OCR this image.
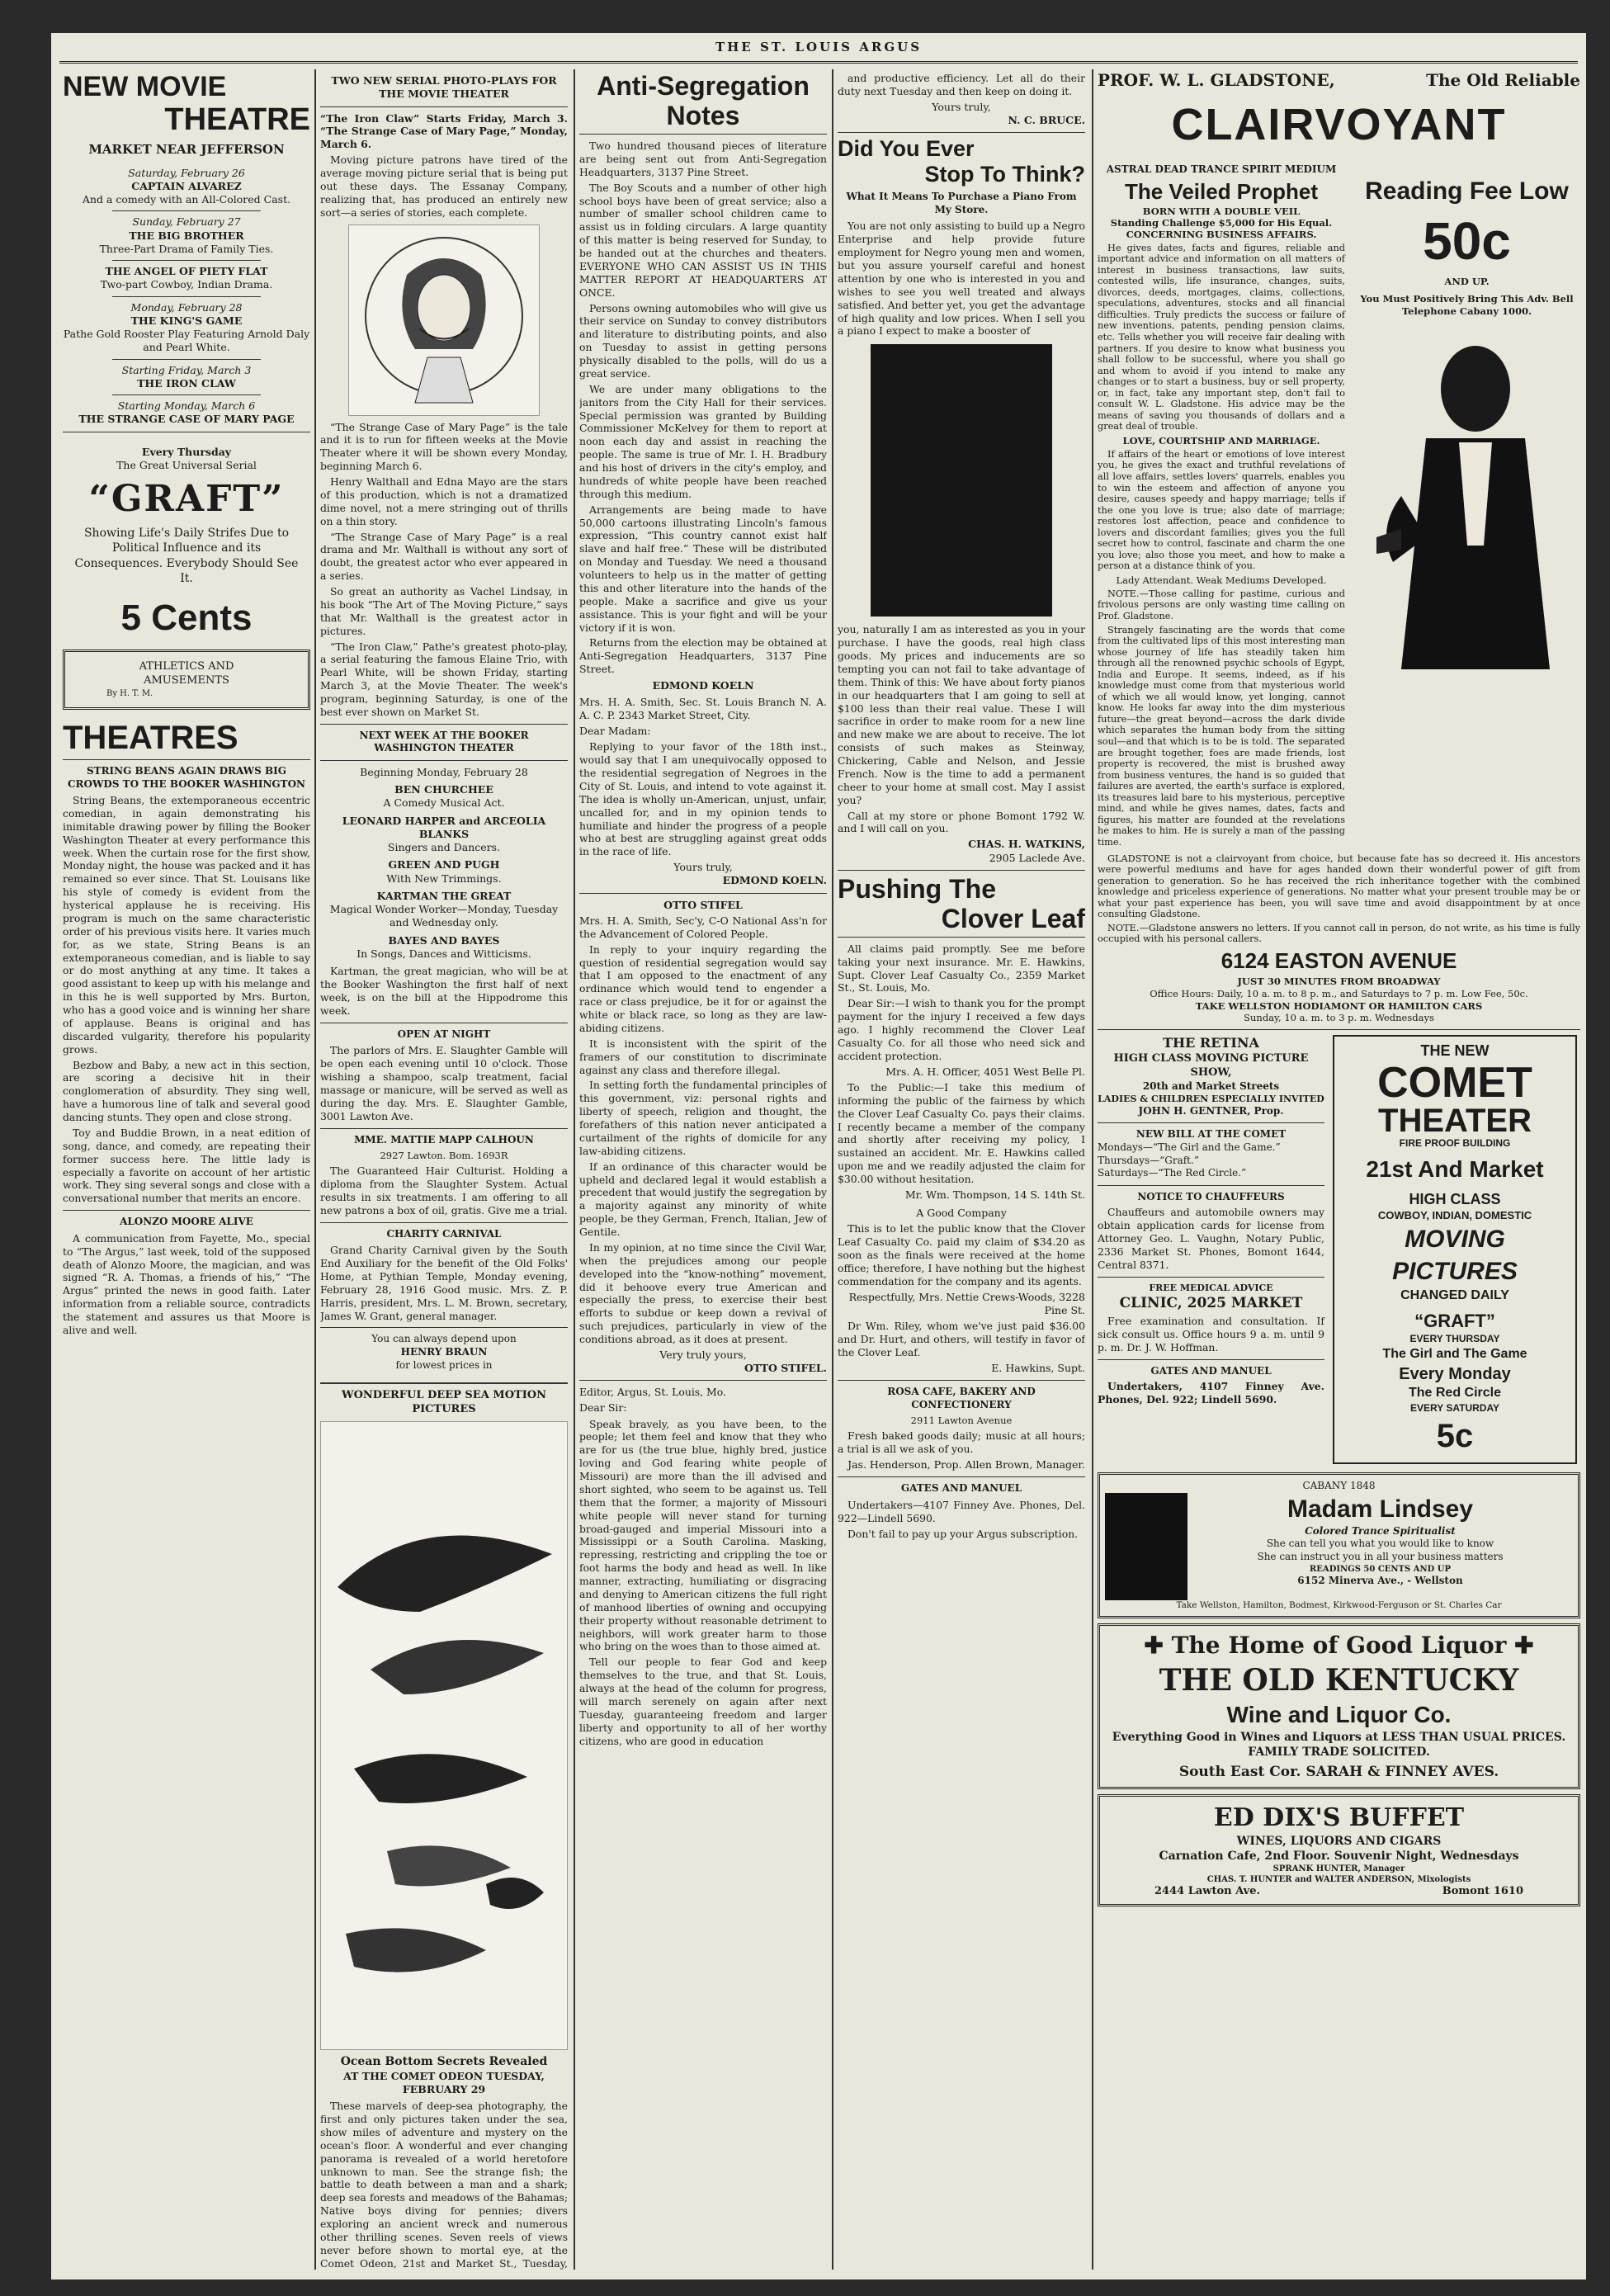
THE ST. LOUIS ARGUS
NEW MOVIE
THEATRE
MARKET NEAR JEFFERSON
Saturday, February 26
CAPTAIN ALVAREZ
And a comedy with an All-Colored Cast.
Sunday, February 27
THE BIG BROTHER
Three-Part Drama of Family Ties.
THE ANGEL OF PIETY FLAT
Two-part Cowboy, Indian Drama.
Monday, February 28
THE KING'S GAME
Pathe Gold Rooster Play Featuring Arnold Daly and Pearl White.
Starting Friday, March 3
THE IRON CLAW
Starting Monday, March 6
THE STRANGE CASE OF MARY PAGE
Every Thursday
The Great Universal Serial
“GRAFT”
Showing Life's Daily Strifes Due to Political Influence and its Consequences. Everybody Should See It.
5 Cents
ATHLETICS AND
AMUSEMENTS
By H. T. M.
THEATRES
STRING BEANS AGAIN DRAWS BIG CROWDS TO THE BOOKER WASHINGTON

String Beans, the extemporaneous eccentric comedian, in again demonstrating his inimitable drawing power by filling the Booker Washington Theater at every performance this week. When the curtain rose for the first show, Monday night, the house was packed and it has remained so ever since. That St. Louisans like his style of comedy is evident from the hysterical applause he is receiving. His program is much on the same characteristic order of his previous visits here. It varies much for, as we state, String Beans is an extemporaneous comedian, and is liable to say or do most anything at any time. It takes a good assistant to keep up with his melange and in this he is well supported by Mrs. Burton, who has a good voice and is winning her share of applause. Beans is original and has discarded vulgarity, therefore his popularity grows.

Bezbow and Baby, a new act in this section, are scoring a decisive hit in their conglomeration of absurdity. They sing well, have a humorous line of talk and several good dancing stunts. They open and close strong.

Toy and Buddie Brown, in a neat edition of song, dance, and comedy, are repeating their former success here. The little lady is especially a favorite on account of her artistic work. They sing several songs and close with a conversational number that merits an encore.

ALONZO MOORE ALIVE

A communication from Fayette, Mo., special to “The Argus,” last week, told of the supposed death of Alonzo Moore, the magician, and was signed “R. A. Thomas, a friends of his,” “The Argus” printed the news in good faith. Later information from a reliable source, contradicts the statement and assures us that Moore is alive and well.

TWO NEW SERIAL PHOTO-PLAYS FOR THE MOVIE THEATER

“The Iron Claw” Starts Friday, March 3. “The Strange Case of Mary Page,” Monday, March 6.

Moving picture patrons have tired of the average moving picture serial that is being put out these days. The Essanay Company, realizing that, has produced an entirely new sort—a series of stories, each complete.

“The Strange Case of Mary Page” is the tale and it is to run for fifteen weeks at the Movie Theater where it will be shown every Monday, beginning March 6.

Henry Walthall and Edna Mayo are the stars of this production, which is not a dramatized dime novel, not a mere stringing out of thrills on a thin story.

“The Strange Case of Mary Page” is a real drama and Mr. Walthall is without any sort of doubt, the greatest actor who ever appeared in a series.

So great an authority as Vachel Lindsay, in his book “The Art of The Moving Picture,” says that Mr. Walthall is the greatest actor in pictures.

“The Iron Claw,” Pathe's greatest photo-play, a serial featuring the famous Elaine Trio, with Pearl White, will be shown Friday, starting March 3, at the Movie Theater. The week's program, beginning Saturday, is one of the best ever shown on Market St.

NEXT WEEK AT THE BOOKER WASHINGTON THEATER
Beginning Monday, February 28
BEN CHURCHEE
A Comedy Musical Act.
LEONARD HARPER and ARCEOLIA BLANKS
Singers and Dancers.
GREEN AND PUGH
With New Trimmings.
KARTMAN THE GREAT
Magical Wonder Worker—Monday, Tuesday and Wednesday only.
BAYES AND BAYES
In Songs, Dances and Witticisms.

Kartman, the great magician, who will be at the Booker Washington the first half of next week, is on the bill at the Hippodrome this week.

OPEN AT NIGHT

The parlors of Mrs. E. Slaughter Gamble will be open each evening until 10 o'clock. Those wishing a shampoo, scalp treatment, facial massage or manicure, will be served as well as during the day. Mrs. E. Slaughter Gamble, 3001 Lawton Ave.

MME. MATTIE MAPP CALHOUN
2927 Lawton. Bom. 1693R

The Guaranteed Hair Culturist. Holding a diploma from the Slaughter System. Actual results in six treatments. I am offering to all new patrons a box of oil, gratis. Give me a trial.

CHARITY CARNIVAL

Grand Charity Carnival given by the South End Auxiliary for the benefit of the Old Folks' Home, at Pythian Temple, Monday evening, February 28, 1916 Good music. Mrs. Z. P. Harris, president, Mrs. L. M. Brown, secretary, James W. Grant, general manager.

You can always depend upon
HENRY BRAUN
for lowest prices in
WONDERFUL DEEP SEA MOTION PICTURES
Ocean Bottom Secrets Revealed
AT THE COMET ODEON TUESDAY, FEBRUARY 29

These marvels of deep-sea photography, the first and only pictures taken under the sea, show miles of adventure and mystery on the ocean's floor. A wonderful and ever changing panorama is revealed of a world heretofore unknown to man. See the strange fish; the battle to death between a man and a shark; deep sea forests and meadows of the Bahamas; Native boys diving for pennies; divers exploring an ancient wreck and numerous other thrilling scenes. Seven reels of views never before shown to mortal eye, at the Comet Odeon, 21st and Market St., Tuesday,

Anti-Segregation
Notes

Two hundred thousand pieces of literature are being sent out from Anti-Segregation Headquarters, 3137 Pine Street.

The Boy Scouts and a number of other high school boys have been of great service; also a number of smaller school children came to assist us in folding circulars. A large quantity of this matter is being reserved for Sunday, to be handed out at the churches and theaters. EVERYONE WHO CAN ASSIST US IN THIS MATTER REPORT AT HEADQUARTERS AT ONCE.

Persons owning automobiles who will give us their service on Sunday to convey distributors and literature to distributing points, and also on Tuesday to assist in getting persons physically disabled to the polls, will do us a great service.

We are under many obligations to the janitors from the City Hall for their services. Special permission was granted by Building Commissioner McKelvey for them to report at noon each day and assist in reaching the people. The same is true of Mr. I. H. Bradbury and his host of drivers in the city's employ, and hundreds of white people have been reached through this medium.

Arrangements are being made to have 50,000 cartoons illustrating Lincoln's famous expression, “This country cannot exist half slave and half free.” These will be distributed on Monday and Tuesday. We need a thousand volunteers to help us in the matter of getting this and other literature into the hands of the people. Make a sacrifice and give us your assistance. This is your fight and will be your victory if it is won.

Returns from the election may be obtained at Anti-Segregation Headquarters, 3137 Pine Street.

EDMOND KOELN

Mrs. H. A. Smith, Sec. St. Louis Branch N. A. A. C. P. 2343 Market Street, City.

Dear Madam:

Replying to your favor of the 18th inst., would say that I am unequivocally opposed to the residential segregation of Negroes in the City of St. Louis, and intend to vote against it. The idea is wholly un-American, unjust, unfair, uncalled for, and in my opinion tends to humiliate and hinder the progress of a people who at best are struggling against great odds in the race of life.

Yours truly,
EDMOND KOELN.
OTTO STIFEL

Mrs. H. A. Smith, Sec'y, C-O National Ass'n for the Advancement of Colored People.

In reply to your inquiry regarding the question of residential segregation would say that I am opposed to the enactment of any ordinance which would tend to engender a race or class prejudice, be it for or against the white or black race, so long as they are law-abiding citizens.

It is inconsistent with the spirit of the framers of our constitution to discriminate against any class and therefore illegal.

In setting forth the fundamental principles of this government, viz: personal rights and liberty of speech, religion and thought, the forefathers of this nation never anticipated a curtailment of the rights of domicile for any law-abiding citizens.

If an ordinance of this character would be upheld and declared legal it would establish a precedent that would justify the segregation by a majority against any minority of white people, be they German, French, Italian, Jew of Gentile.

In my opinion, at no time since the Civil War, when the prejudices among our people developed into the “know-nothing” movement, did it behoove every true American and especially the press, to exercise their best efforts to subdue or keep down a revival of such prejudices, particularly in view of the conditions abroad, as it does at present.

Very truly yours,
OTTO STIFEL.

Editor, Argus, St. Louis, Mo.

Dear Sir:

Speak bravely, as you have been, to the people; let them feel and know that they who are for us (the true blue, highly bred, justice loving and God fearing white people of Missouri) are more than the ill advised and short sighted, who seem to be against us. Tell them that the former, a majority of Missouri white people will never stand for turning broad-gauged and imperial Missouri into a Mississippi or a South Carolina. Masking, repressing, restricting and crippling the toe or foot harms the body and head as well. In like manner, extracting, humiliating or disgracing and denying to American citizens the full right of manhood liberties of owning and occupying their property without reasonable detriment to neighbors, will work greater harm to those who bring on the woes than to those aimed at.

Tell our people to fear God and keep themselves to the true, and that St. Louis, always at the head of the column for progress, will march serenely on again after next Tuesday, guaranteeing freedom and larger liberty and opportunity to all of her worthy citizens, who are good in education

and productive efficiency. Let all do their duty next Tuesday and then keep on doing it.

Yours truly,
N. C. BRUCE.
Did You Ever
Stop To Think?
What It Means To Purchase a Piano From My Store.

You are not only assisting to build up a Negro Enterprise and help provide future employment for Negro young men and women, but you assure yourself careful and honest attention by one who is interested in you and wishes to see you well treated and always satisfied. And better yet, you get the advantage of high quality and low prices. When I sell you a piano I expect to make a booster of

you, naturally I am as interested as you in your purchase. I have the goods, real high class goods. My prices and inducements are so tempting you can not fail to take advantage of them. Think of this: We have about forty pianos in our headquarters that I am going to sell at $100 less than their real value. These I will sacrifice in order to make room for a new line and new make we are about to receive. The lot consists of such makes as Steinway, Chickering, Cable and Nelson, and Jessie French. Now is the time to add a permanent cheer to your home at small cost. May I assist you?

Call at my store or phone Bomont 1792 W. and I will call on you.

CHAS. H. WATKINS,
2905 Laclede Ave.
Pushing The
Clover Leaf

All claims paid promptly. See me before taking your next insurance. Mr. E. Hawkins, Supt. Clover Leaf Casualty Co., 2359 Market St., St. Louis, Mo.

Dear Sir:—I wish to thank you for the prompt payment for the injury I received a few days ago. I highly recommend the Clover Leaf Casualty Co. for all those who need sick and accident protection.

Mrs. A. H. Officer, 4051 West Belle Pl.

To the Public:—I take this medium of informing the public of the fairness by which the Clover Leaf Casualty Co. pays their claims. I recently became a member of the company and shortly after receiving my policy, I sustained an accident. Mr. E. Hawkins called upon me and we readily adjusted the claim for $30.00 without hesitation.

Mr. Wm. Thompson, 14 S. 14th St.
A Good Company

This is to let the public know that the Clover Leaf Casualty Co. paid my claim of $34.20 as soon as the finals were received at the home office; therefore, I have nothing but the highest commendation for the company and its agents.

Respectfully, Mrs. Nettie Crews-Woods, 3228 Pine St.

Dr Wm. Riley, whom we've just paid $36.00 and Dr. Hurt, and others, will testify in favor of the Clover Leaf.

E. Hawkins, Supt.
ROSA CAFE, BAKERY AND CONFECTIONERY
2911 Lawton Avenue

Fresh baked goods daily; music at all hours; a trial is all we ask of you.

Jas. Henderson, Prop. Allen Brown, Manager.
GATES AND MANUEL

Undertakers—4107 Finney Ave. Phones, Del. 922—Lindell 5690.

Don't fail to pay up your Argus subscription.

PROF. W. L. GLADSTONE,	The Old Reliable
CLAIRVOYANT
ASTRAL DEAD TRANCE SPIRIT MEDIUM
The Veiled Prophet
BORN WITH A DOUBLE VEIL
Standing Challenge $5,000 for His Equal.
CONCERNING BUSINESS AFFAIRS.

He gives dates, facts and figures, reliable and important advice and information on all matters of interest in business transactions, law suits, contested wills, life insurance, changes, suits, divorces, deeds, mortgages, claims, collections, speculations, adventures, stocks and all financial difficulties. Truly predicts the success or failure of new inventions, patents, pending pension claims, etc. Tells whether you will receive fair dealing with partners. If you desire to know what business you shall follow to be successful, where you shall go and whom to avoid if you intend to make any changes or to start a business, buy or sell property, or, in fact, take any important step, don't fail to consult W. L. Gladstone. His advice may be the means of saving you thousands of dollars and a great deal of trouble.

LOVE, COURTSHIP AND MARRIAGE.

If affairs of the heart or emotions of love interest you, he gives the exact and truthful revelations of all love affairs, settles lovers' quarrels, enables you to win the esteem and affection of anyone you desire, causes speedy and happy marriage; tells if the one you love is true; also date of marriage; restores lost affection, peace and confidence to lovers and discordant families; gives you the full secret how to control, fascinate and charm the one you love; also those you meet, and how to make a person at a distance think of you.

Lady Attendant. Weak Mediums Developed.

NOTE.—Those calling for pastime, curious and frivolous persons are only wasting time calling on Prof. Gladstone.

Strangely fascinating are the words that come from the cultivated lips of this most interesting man whose journey of life has steadily taken him through all the renowned psychic schools of Egypt, India and Europe. It seems, indeed, as if his knowledge must come from that mysterious world of which we all would know, yet longing, cannot know. He looks far away into the dim mysterious future—the great beyond—across the dark divide which separates the human body from the sitting soul—and that which is to be is told. The separated are brought together, foes are made friends, lost property is recovered, the mist is brushed away from business ventures, the hand is so guided that failures are averted, the earth's surface is explored, its treasures laid bare to his mysterious, perceptive mind, and while he gives names, dates, facts and figures, his matter are founded at the revelations he makes to him. He is surely a man of the passing time.

Reading Fee Low
50c
AND UP.
You Must Positively Bring This Adv. Bell Telephone Cabany 1000.

GLADSTONE is not a clairvoyant from choice, but because fate has so decreed it. His ancestors were powerful mediums and have for ages handed down their wonderful power of gift from generation to generation. So he has received the rich inheritance together with the combined knowledge and priceless experience of generations. No matter what your present trouble may be or what your past experience has been, you will save time and avoid disappointment by at once consulting Gladstone.

NOTE.—Gladstone answers no letters. If you cannot call in person, do not write, as his time is fully occupied with his personal callers.

6124 EASTON AVENUE
JUST 30 MINUTES FROM BROADWAY
Office Hours: Daily, 10 a. m. to 8 p. m., and Saturdays to 7 p. m. Low Fee, 50c.
TAKE WELLSTON HODIAMONT OR HAMILTON CARS
Sunday, 10 a. m. to 3 p. m. Wednesdays
THE RETINA
HIGH CLASS MOVING PICTURE SHOW,
20th and Market Streets
LADIES & CHILDREN ESPECIALLY INVITED
JOHN H. GENTNER, Prop.
NEW BILL AT THE COMET
Mondays—“The Girl and the Game.”
Thursdays—“Graft.”
Saturdays—“The Red Circle.”
NOTICE TO CHAUFFEURS

Chauffeurs and automobile owners may obtain application cards for license from Attorney Geo. L. Vaughn, Notary Public, 2336 Market St. Phones, Bomont 1644, Central 8371.

FREE MEDICAL ADVICE
CLINIC, 2025 MARKET

Free examination and consultation. If sick consult us. Office hours 9 a. m. until 9 p. m. Dr. J. W. Hoffman.

GATES AND MANUEL

Undertakers, 4107 Finney Ave. Phones, Del. 922; Lindell 5690.

THE NEW
COMET
THEATER
FIRE PROOF BUILDING
21st And Market
HIGH CLASS
COWBOY, INDIAN, DOMESTIC
MOVING PICTURES
CHANGED DAILY
“GRAFT”
EVERY THURSDAY
The Girl and The Game
Every Monday
The Red Circle
EVERY SATURDAY
5c
CABANY 1848
Madam Lindsey
Colored Trance Spiritualist
She can tell you what you would like to know
She can instruct you in all your business matters
READINGS 50 CENTS AND UP
6152 Minerva Ave., - Wellston
Take Wellston, Hamilton, Bodmest, Kirkwood-Ferguson or St. Charles Car
✚ The Home of Good Liquor ✚
THE OLD KENTUCKY
Wine and Liquor Co.
Everything Good in Wines and Liquors at LESS THAN USUAL PRICES. FAMILY TRADE SOLICITED.
South East Cor. SARAH & FINNEY AVES.
ED DIX'S BUFFET
WINES, LIQUORS AND CIGARS
Carnation Cafe, 2nd Floor. Souvenir Night, Wednesdays
SPRANK HUNTER, Manager
CHAS. T. HUNTER and WALTER ANDERSON, Mixologists
2444 Lawton Ave.	Bomont 1610
